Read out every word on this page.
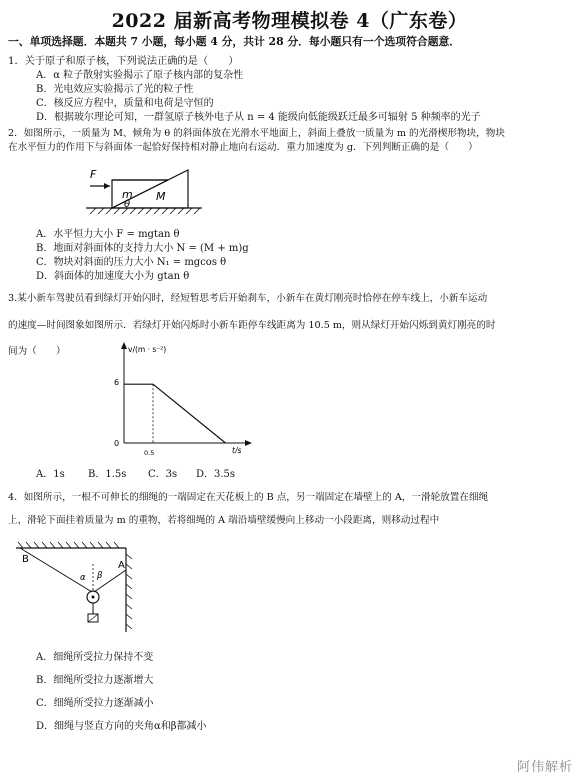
2022 届新高考物理模拟卷 4（广东卷）
一、单项选择题．本题共 7 小题，每小题 4 分，共计 28 分．每小题只有一个选项符合题意．
1．关于原子和原子核，下列说法正确的是（　　）
A．α 粒子散射实验揭示了原子核内部的复杂性
B．光电效应实验揭示了光的粒子性
C．核反应方程中，质量和电荷是守恒的
D．根据玻尔理论可知，一群氢原子核外电子从 n = 4 能级向低能级跃迁最多可辐射 5 种频率的光子
2．如图所示，一质量为 M、倾角为 θ 的斜面体放在光滑水平地面上，斜面上叠放一质量为 m 的光滑楔形物块，物块
在水平恒力的作用下与斜面体一起恰好保持相对静止地向右运动．重力加速度为 g．下列判断正确的是（　　）
F
m M
θ
A．水平恒力大小 F = mgtan θ
B．地面对斜面体的支持力大小 N = (M + m)g
C．物块对斜面的压力大小 N₁ = mgcos θ
D．斜面体的加速度大小为 gtan θ
3.某小新车驾驶员看到绿灯开始闪时，经短暂思考后开始刹车，小新车在黄灯刚亮时恰停在停车线上，小新车运动
的速度—时间图象如图所示．若绿灯开始闪烁时小新车距停车线距离为 10.5 m，则从绿灯开始闪烁到黄灯刚亮的时
间为（　　）	v/(m · s⁻²)
t/s
6
0.5
0
A．1s B．1.5s C．3s D．3.5s
4．如图所示，一根不可伸长的细绳的一端固定在天花板上的 B 点，另一端固定在墙壁上的 A，一滑轮放置在细绳
上，滑轮下面挂着质量为 m 的重物，若将细绳的 A 端沿墙壁缓慢向上移动一小段距离，则移动过程中
B
A
α β
A．细绳所受拉力保持不变
B．细绳所受拉力逐渐增大
C．细绳所受拉力逐渐减小
D．细绳与竖直方向的夹角α和β都减小
阿伟解析
